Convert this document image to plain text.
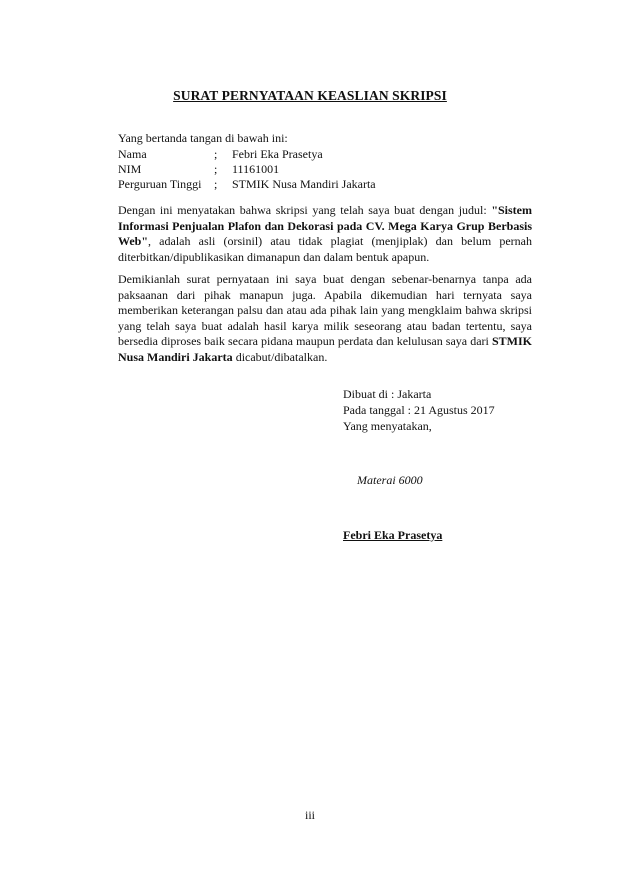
SURAT PERNYATAAN KEASLIAN SKRIPSI
Yang bertanda tangan di bawah ini:
Nama	; Febri Eka Prasetya
NIM	; 11161001
Perguruan Tinggi ; STMIK Nusa Mandiri Jakarta
Dengan ini menyatakan bahwa skripsi yang telah saya buat dengan judul: "Sistem Informasi Penjualan Plafon dan Dekorasi pada CV. Mega Karya Grup Berbasis Web", adalah asli (orsinil) atau tidak plagiat (menjiplak) dan belum pernah diterbitkan/dipublikasikan dimanapun dan dalam bentuk apapun.
Demikianlah surat pernyataan ini saya buat dengan sebenar-benarnya tanpa ada paksaanan dari pihak manapun juga. Apabila dikemudian hari ternyata saya memberikan keterangan palsu dan atau ada pihak lain yang mengklaim bahwa skripsi yang telah saya buat adalah hasil karya milik seseorang atau badan tertentu, saya bersedia diproses baik secara pidana maupun perdata dan kelulusan saya dari STMIK Nusa Mandiri Jakarta dicabut/dibatalkan.
Dibuat di : Jakarta
Pada tanggal : 21 Agustus 2017
Yang menyatakan,
Materai 6000
Febri Eka Prasetya
iii
